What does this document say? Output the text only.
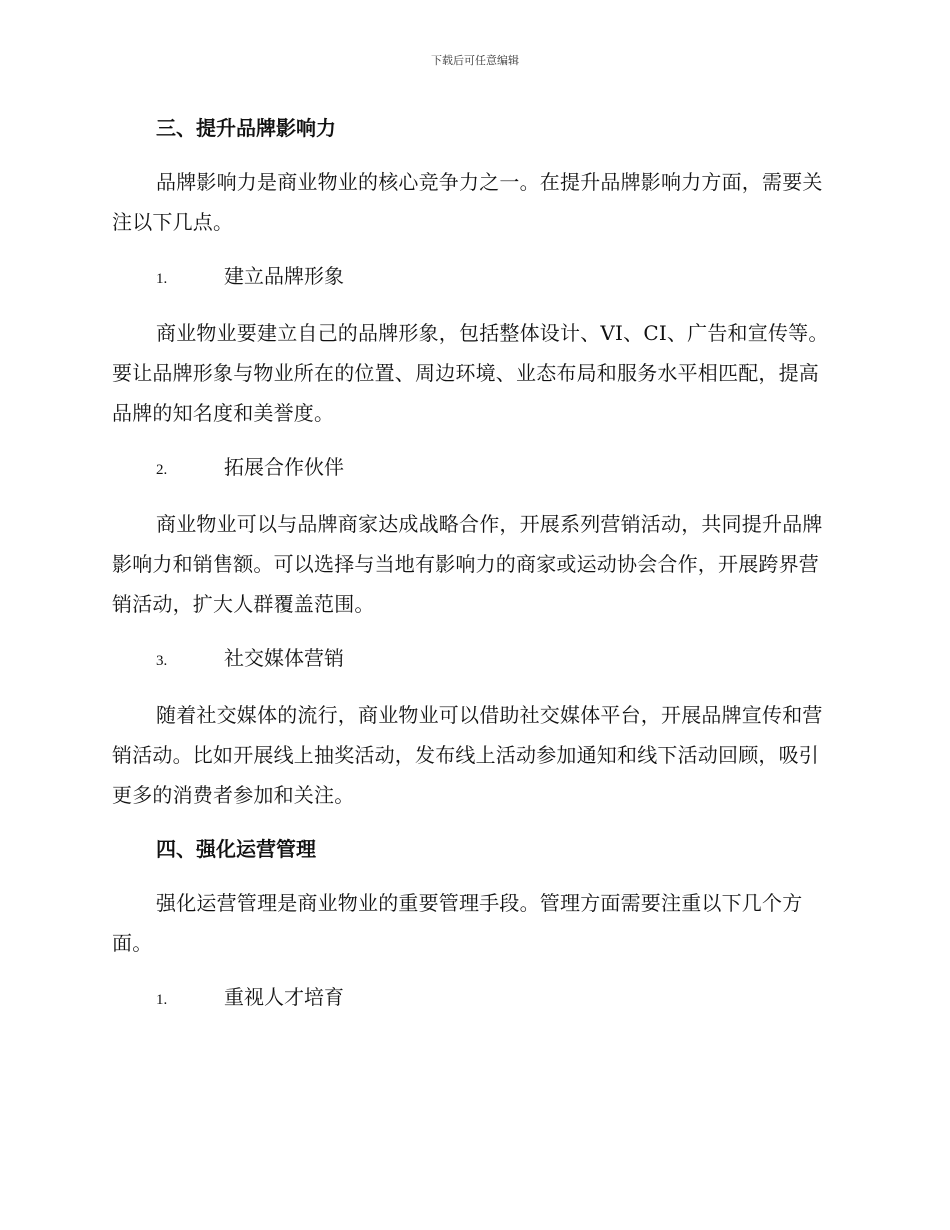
下载后可任意编辑
三、提升品牌影响力

品牌影响力是商业物业的核心竞争力之一。在提升品牌影响力方面，需要关注以下几点。

1.	建立品牌形象

商业物业要建立自己的品牌形象，包括整体设计、VI、CI、广告和宣传等。要让品牌形象与物业所在的位置、周边环境、业态布局和服务水平相匹配，提高品牌的知名度和美誉度。

2.	拓展合作伙伴

商业物业可以与品牌商家达成战略合作，开展系列营销活动，共同提升品牌影响力和销售额。可以选择与当地有影响力的商家或运动协会合作，开展跨界营销活动，扩大人群覆盖范围。

3.	社交媒体营销

随着社交媒体的流行，商业物业可以借助社交媒体平台，开展品牌宣传和营销活动。比如开展线上抽奖活动，发布线上活动参加通知和线下活动回顾，吸引更多的消费者参加和关注。

四、强化运营管理

强化运营管理是商业物业的重要管理手段。管理方面需要注重以下几个方面。

1.	重视人才培育
